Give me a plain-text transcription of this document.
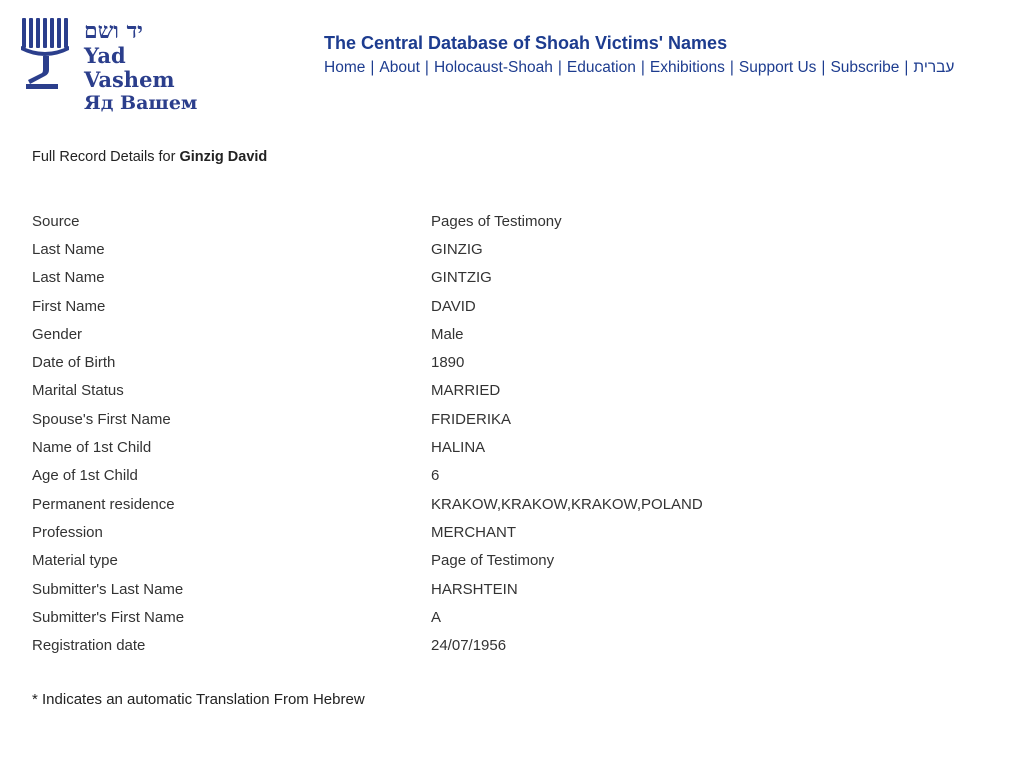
יד ושם
Yad Vashem
Яд Вашем
The Central Database of Shoah Victims' Names
Home | About | Holocaust-Shoah | Education | Exhibitions | Support Us | Subscribe | עברית
Full Record Details for Ginzig David
Source	Pages of Testimony
Last Name	GINZIG
Last Name	GINTZIG
First Name	DAVID
Gender	Male
Date of Birth	1890
Marital Status	MARRIED
Spouse's First Name	FRIDERIKA
Name of 1st Child	HALINA
Age of 1st Child	6
Permanent residence	KRAKOW,KRAKOW,KRAKOW,POLAND
Profession	MERCHANT
Material type	Page of Testimony
Submitter's Last Name	HARSHTEIN
Submitter's First Name	A
Registration date	24/07/1956
* Indicates an automatic Translation From Hebrew
